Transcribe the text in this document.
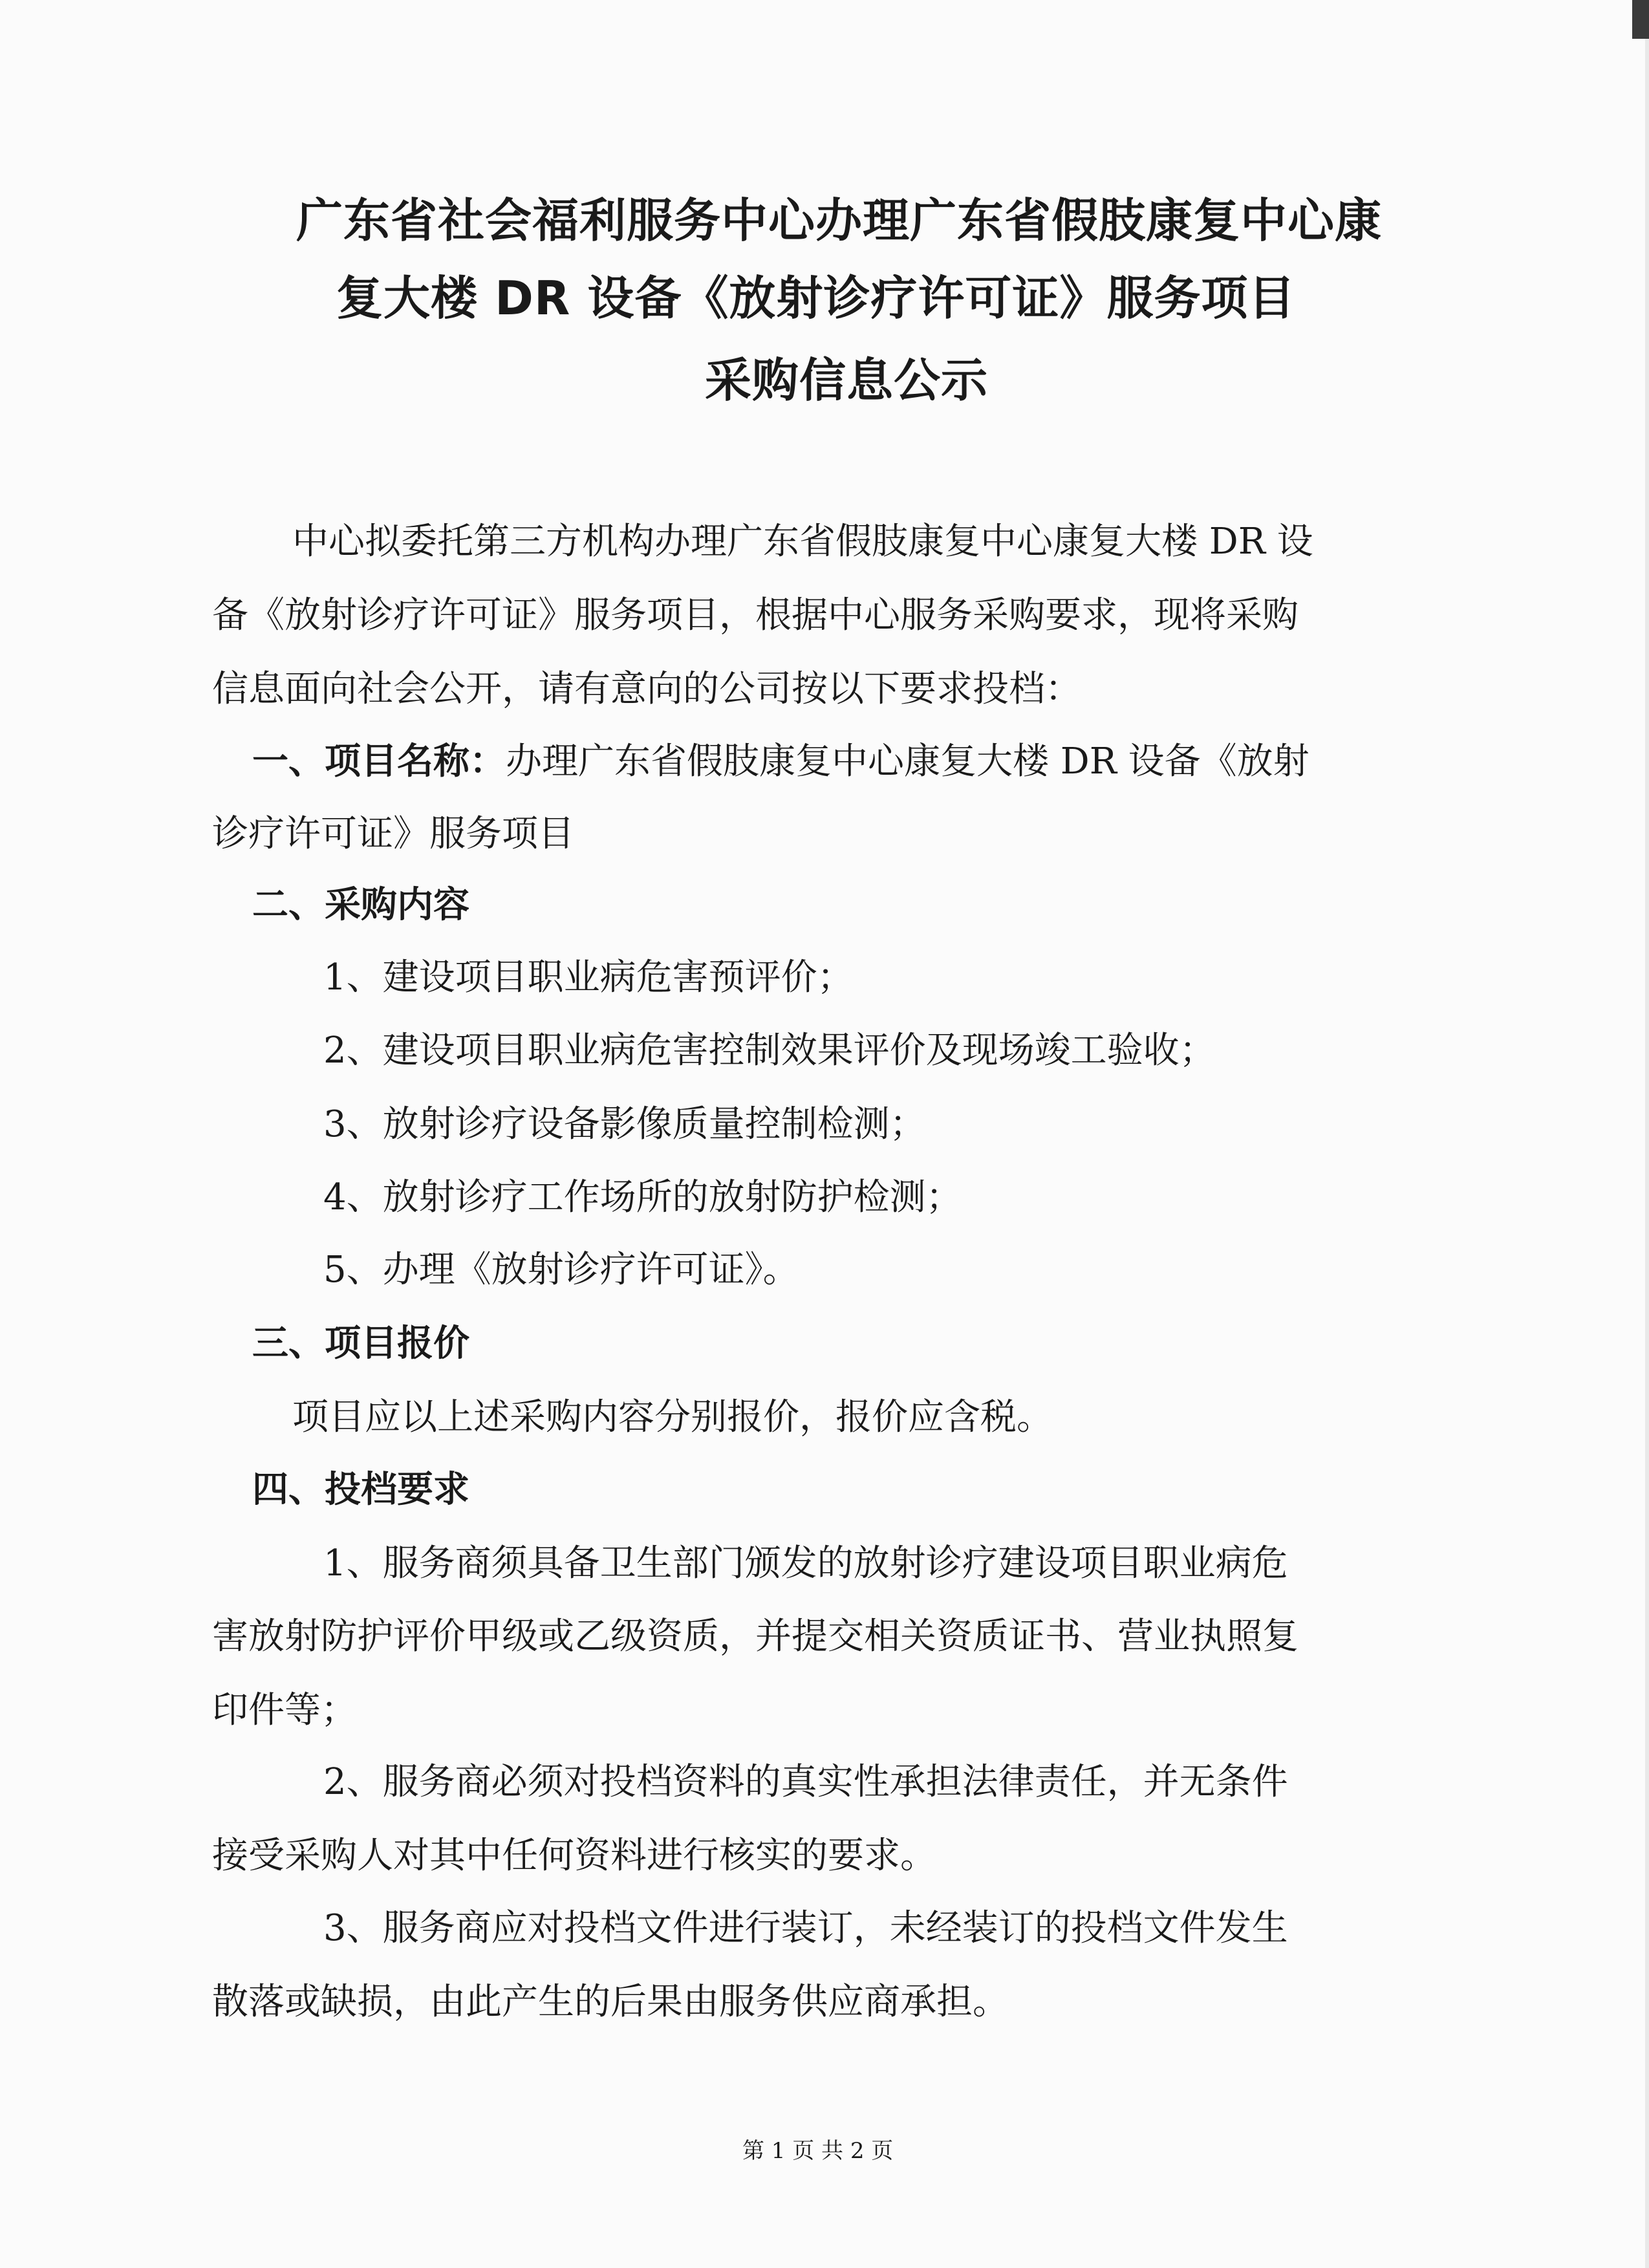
广东省社会福利服务中心办理广东省假肢康复中心康
复大楼 DR 设备《放射诊疗许可证》服务项目
采购信息公示
中心拟委托第三方机构办理广东省假肢康复中心康复大楼 DR 设
备《放射诊疗许可证》服务项目，根据中心服务采购要求，现将采购
信息面向社会公开，请有意向的公司按以下要求投档：
一、项目名称：办理广东省假肢康复中心康复大楼 DR 设备《放射
诊疗许可证》服务项目
二、采购内容
1、建设项目职业病危害预评价；
2、建设项目职业病危害控制效果评价及现场竣工验收；
3、放射诊疗设备影像质量控制检测；
4、放射诊疗工作场所的放射防护检测；
5、办理《放射诊疗许可证》。
三、项目报价
项目应以上述采购内容分别报价，报价应含税。
四、投档要求
1、服务商须具备卫生部门颁发的放射诊疗建设项目职业病危
害放射防护评价甲级或乙级资质，并提交相关资质证书、营业执照复
印件等；
2、服务商必须对投档资料的真实性承担法律责任，并无条件
接受采购人对其中任何资料进行核实的要求。
3、服务商应对投档文件进行装订，未经装订的投档文件发生
散落或缺损，由此产生的后果由服务供应商承担。
第 1 页 共 2 页
